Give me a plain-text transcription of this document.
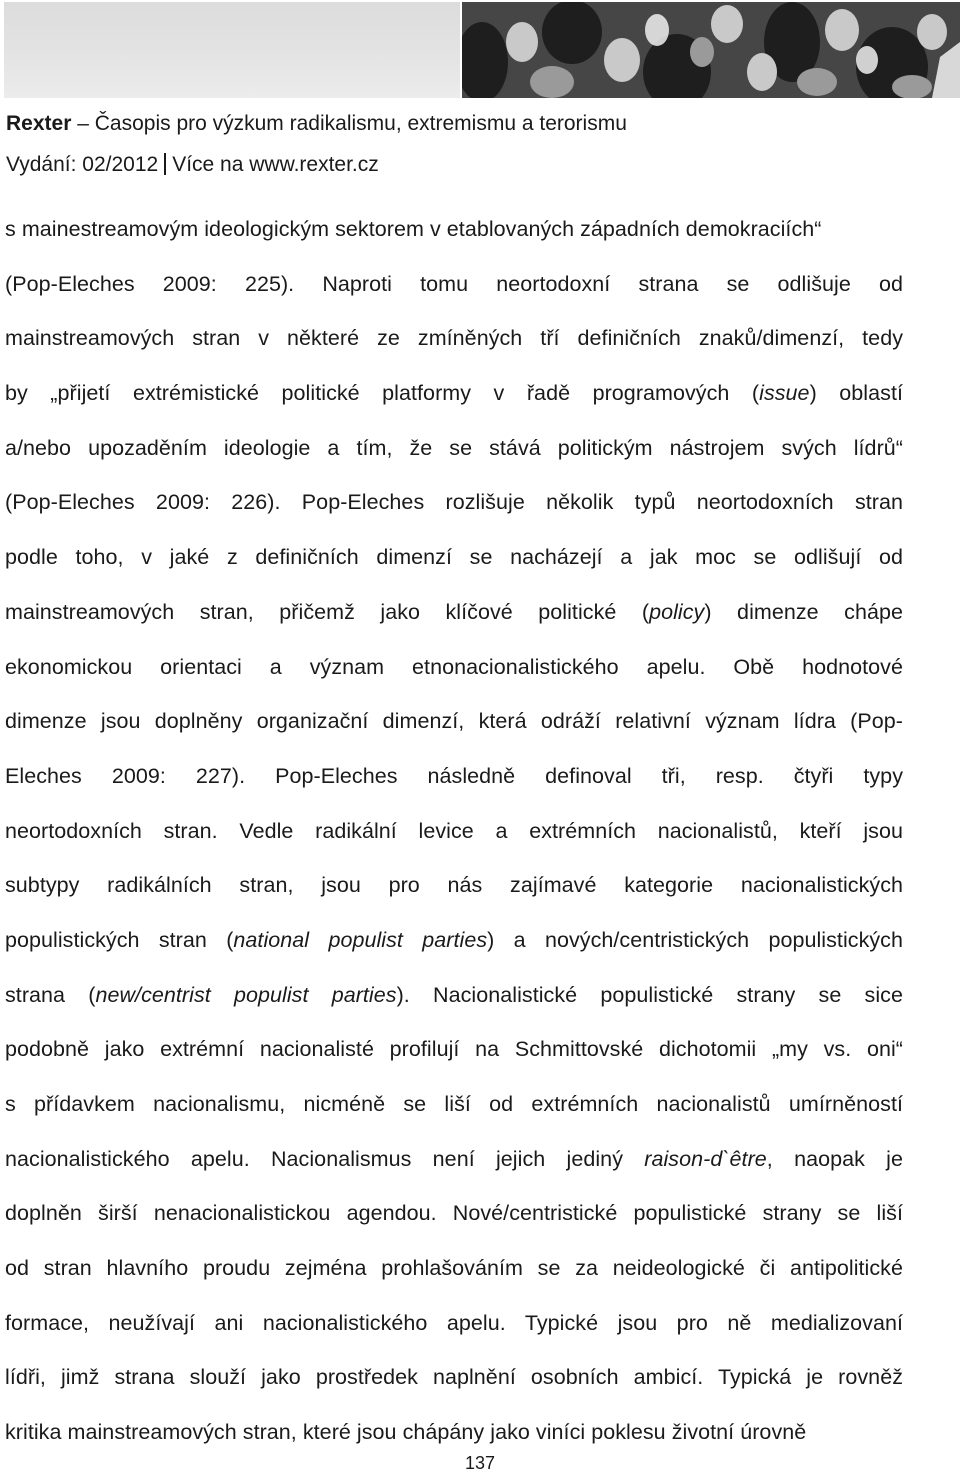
Rexter – Časopis pro výzkum radikalismu, extremismu a terorismu
Vydání: 02/2012 Více na www.rexter.cz
s mainestreamovým ideologickým sektorem v etablovaných západních demokraciích“
(Pop-Eleches 2009: 225). Naproti tomu neortodoxní strana se odlišuje od
mainstreamových stran v některé ze zmíněných tří definičních znaků/dimenzí, tedy
by „přijetí extrémistické politické platformy v řadě programových (issue) oblastí
a/nebo upozaděním ideologie a tím, že se stává politickým nástrojem svých lídrů“
(Pop-Eleches 2009: 226). Pop-Eleches rozlišuje několik typů neortodoxních stran
podle toho, v jaké z definičních dimenzí se nacházejí a jak moc se odlišují od
mainstreamových stran, přičemž jako klíčové politické (policy) dimenze chápe
ekonomickou orientaci a význam etnonacionalistického apelu. Obě hodnotové
dimenze jsou doplněny organizační dimenzí, která odráží relativní význam lídra (Pop-
Eleches 2009: 227). Pop-Eleches následně definoval tři, resp. čtyři typy
neortodoxních stran. Vedle radikální levice a extrémních nacionalistů, kteří jsou
subtypy radikálních stran, jsou pro nás zajímavé kategorie nacionalistických
populistických stran (national populist parties) a nových/centristických populistických
strana (new/centrist populist parties). Nacionalistické populistické strany se sice
podobně jako extrémní nacionalisté profilují na Schmittovské dichotomii „my vs. oni“
s přídavkem nacionalismu, nicméně se liší od extrémních nacionalistů umírněností
nacionalistického apelu. Nacionalismus není jejich jediný raison-d`être, naopak je
doplněn širší nenacionalistickou agendou. Nové/centristické populistické strany se liší
od stran hlavního proudu zejména prohlašováním se za neideologické či antipolitické
formace, neužívají ani nacionalistického apelu. Typické jsou pro ně medializovaní
lídři, jimž strana slouží jako prostředek naplnění osobních ambicí. Typická je rovněž
kritika mainstreamových stran, které jsou chápány jako viníci poklesu životní úrovně
137
